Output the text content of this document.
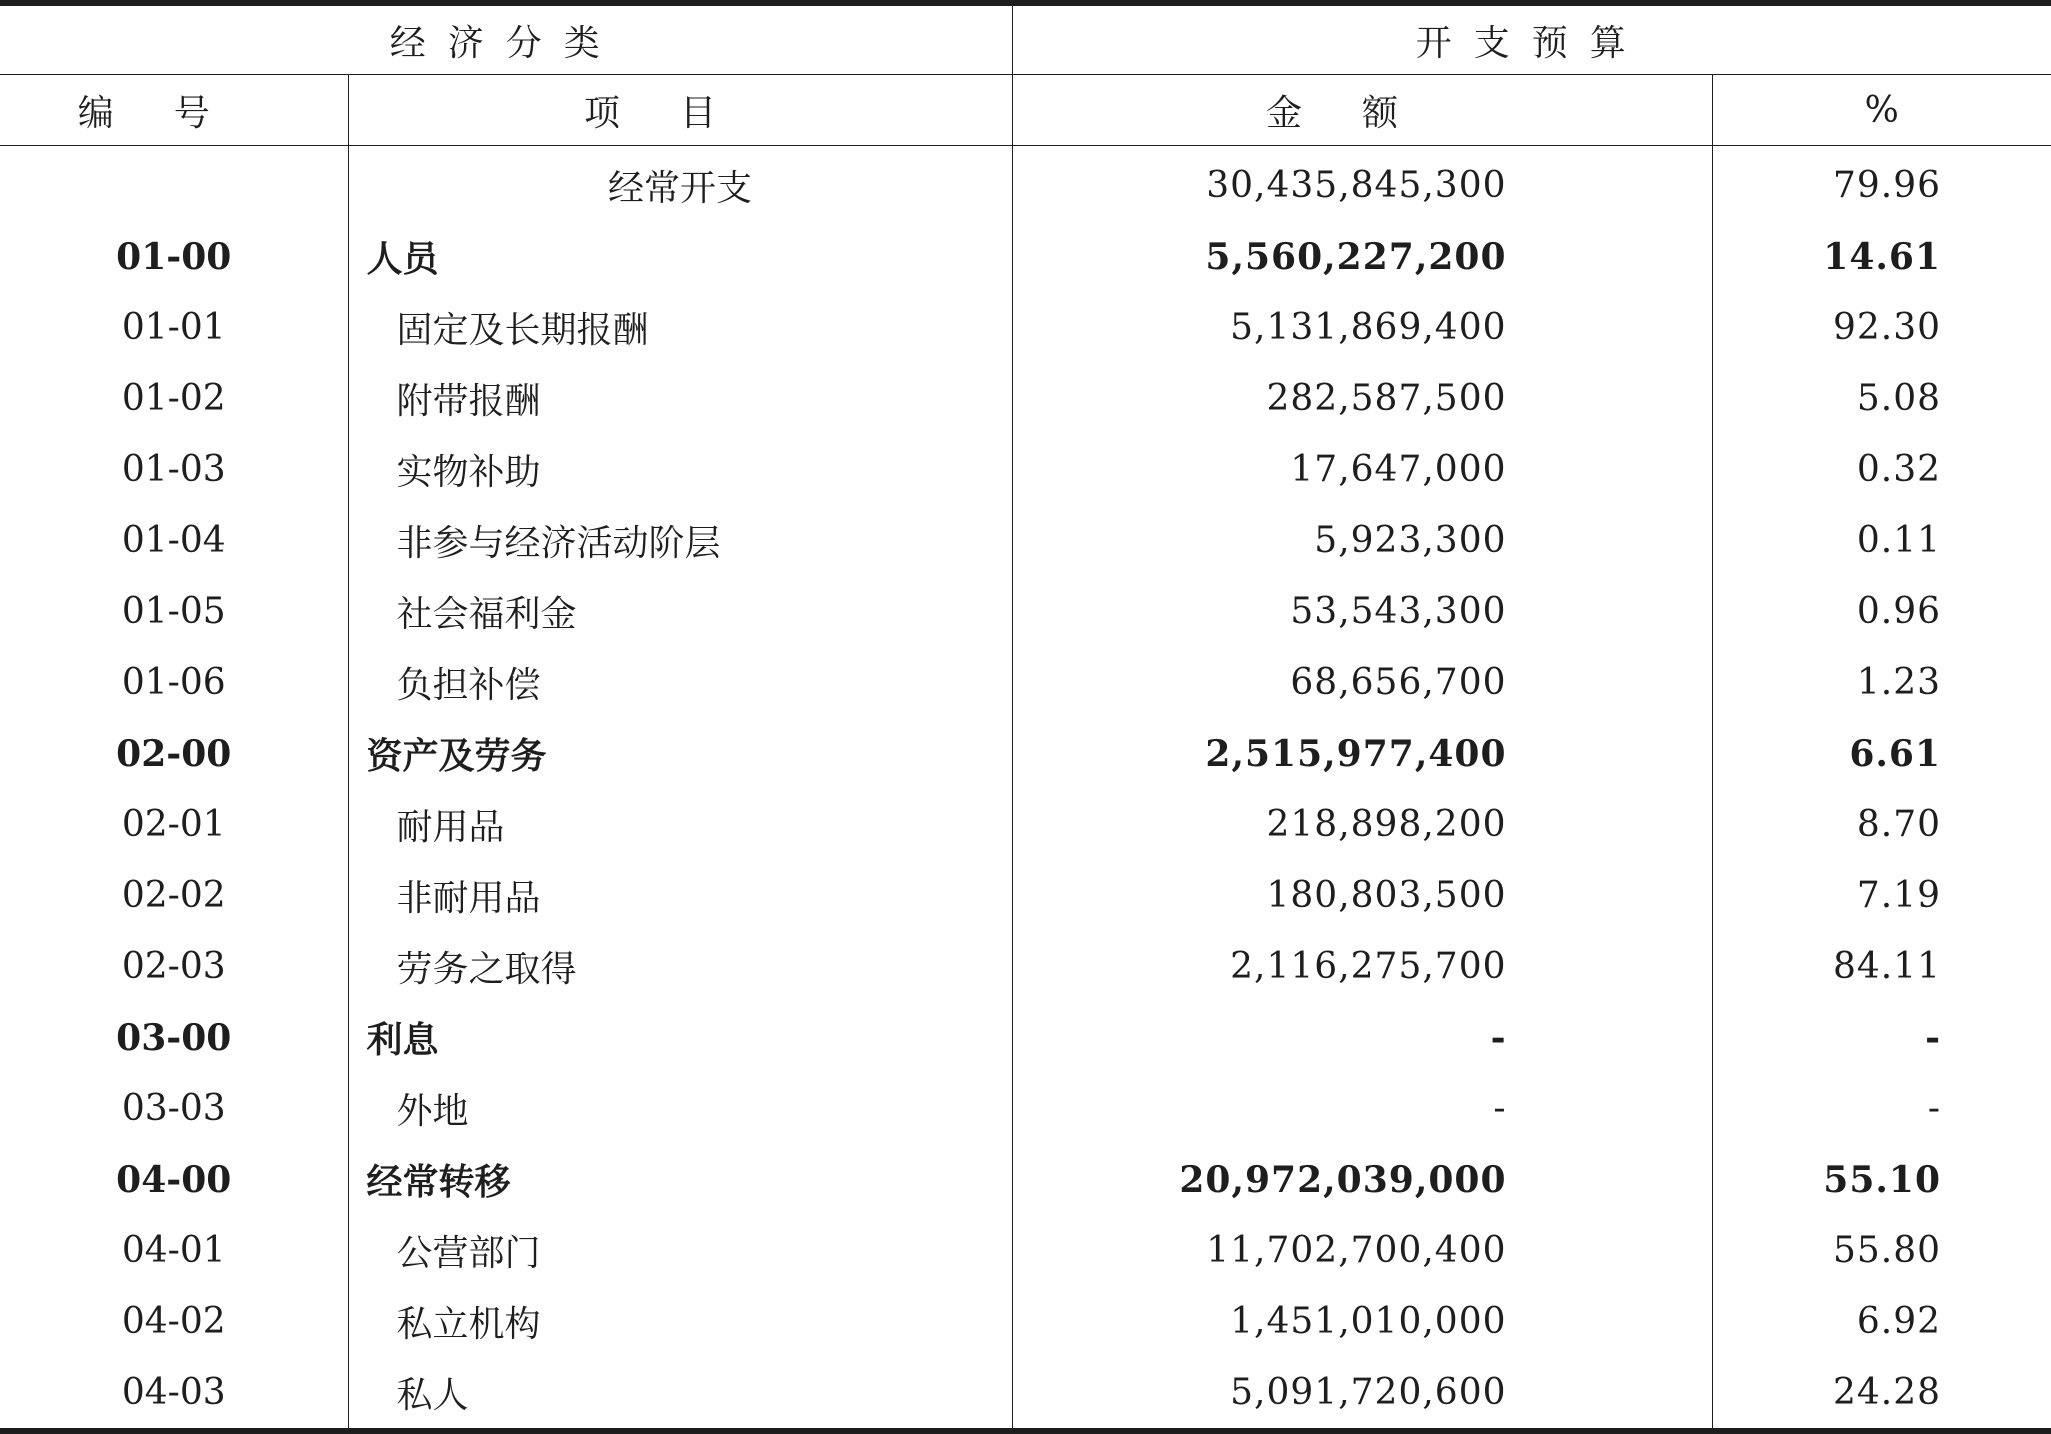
经济分类		开支预算	
编号	项目	金额	%
	经常开支	30,435,845,300	79.96
01-00	人员	5,560,227,200	14.61
01-01	固定及长期报酬	5,131,869,400	92.30
01-02	附带报酬	282,587,500	5.08
01-03	实物补助	17,647,000	0.32
01-04	非参与经济活动阶层	5,923,300	0.11
01-05	社会福利金	53,543,300	0.96
01-06	负担补偿	68,656,700	1.23
02-00	资产及劳务	2,515,977,400	6.61
02-01	耐用品	218,898,200	8.70
02-02	非耐用品	180,803,500	7.19
02-03	劳务之取得	2,116,275,700	84.11
03-00	利息	-	-
03-03	外地	-	-
04-00	经常转移	20,972,039,000	55.10
04-01	公营部门	11,702,700,400	55.80
04-02	私立机构	1,451,010,000	6.92
04-03	私人	5,091,720,600	24.28
